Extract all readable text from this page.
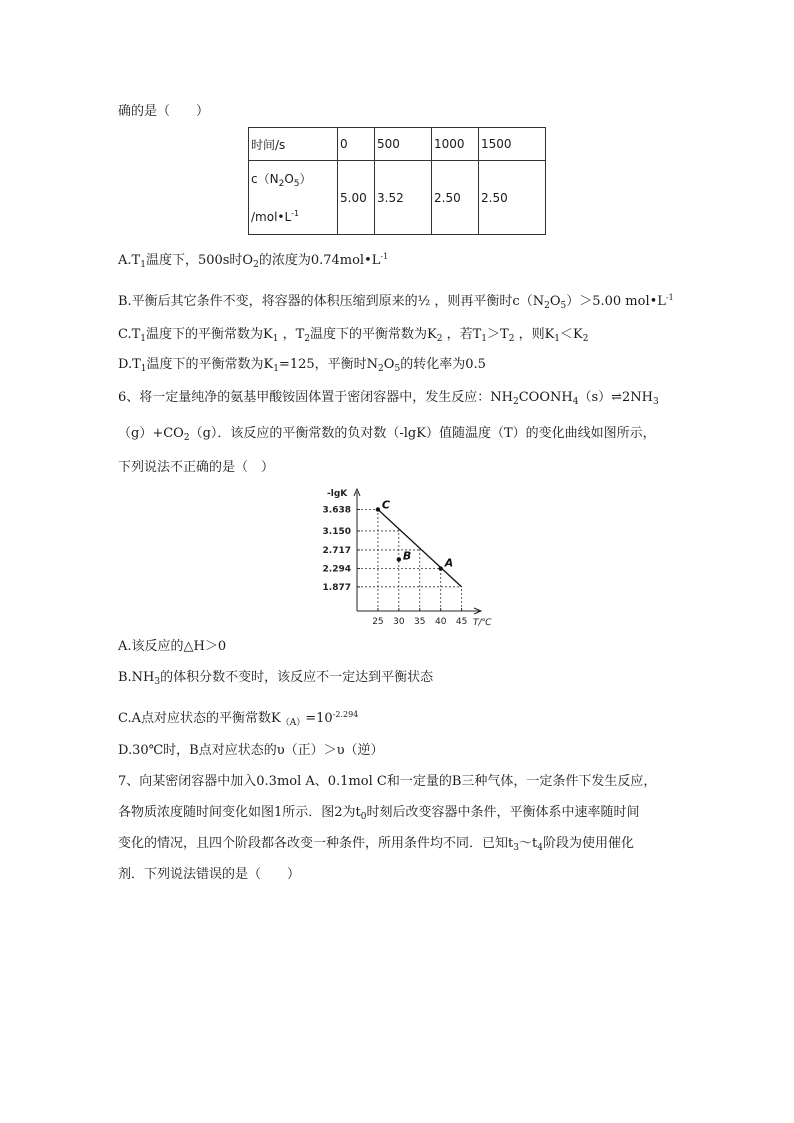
确的是（　　）
时间/s	0	500	1000	1500

$c(N_2O_5)$
$/mol•L^{-1}$	5.00	3.52	2.50	2.50
$A.T_1$温度下，500s时$O_2$的浓度为$0.74mol•L^{-1}$
B.平衡后其它条件不变，将容器的体积压缩到原来的½ ，则再平衡时$c(N_2O_5)>5.00$ $mol•L^{-1}$
$C.T_1$温度下的平衡常数为$K_1$ ，$T_2$温度下的平衡常数为$K_2$ ，若$T_1>T_2$ ，则$K_1<K_2$
$D.T_1$温度下的平衡常数为$K_1=125$，平衡时$N_2O_5$的转化率为0.5
6、将一定量纯净的氨基甲酸铵固体置于密闭容器中，发生反应：$NH_2COONH_4(s)\rightleftharpoons 2NH_3$
$(g)+CO_2(g)$．该反应的平衡常数的负对数（-lgK）值随温度（T）的变化曲线如图所示，
下列说法不正确的是（　）
3.638
3.150
2.717
2.294
1.877
25 30 35 40 45 T/℃
-lgK
C
A
B
A.该反应的△H＞0
$B.NH_3$的体积分数不变时，该反应不一定达到平衡状态
C.A点对应状态的平衡常数$K_{(A)}=10^{-2.294}$
D.30℃时，B点对应状态的υ（正）＞υ（逆）
7、向某密闭容器中加入0.3mol A、0.1mol C和一定量的B三种气体，一定条件下发生反应，
各物质浓度随时间变化如图1所示．图2为$t_0$时刻后改变容器中条件，平衡体系中速率随时间
变化的情况，且四个阶段都各改变一种条件，所用条件均不同．已知$t_3\sim t_4$阶段为使用催化
剂．下列说法错误的是（　　）
